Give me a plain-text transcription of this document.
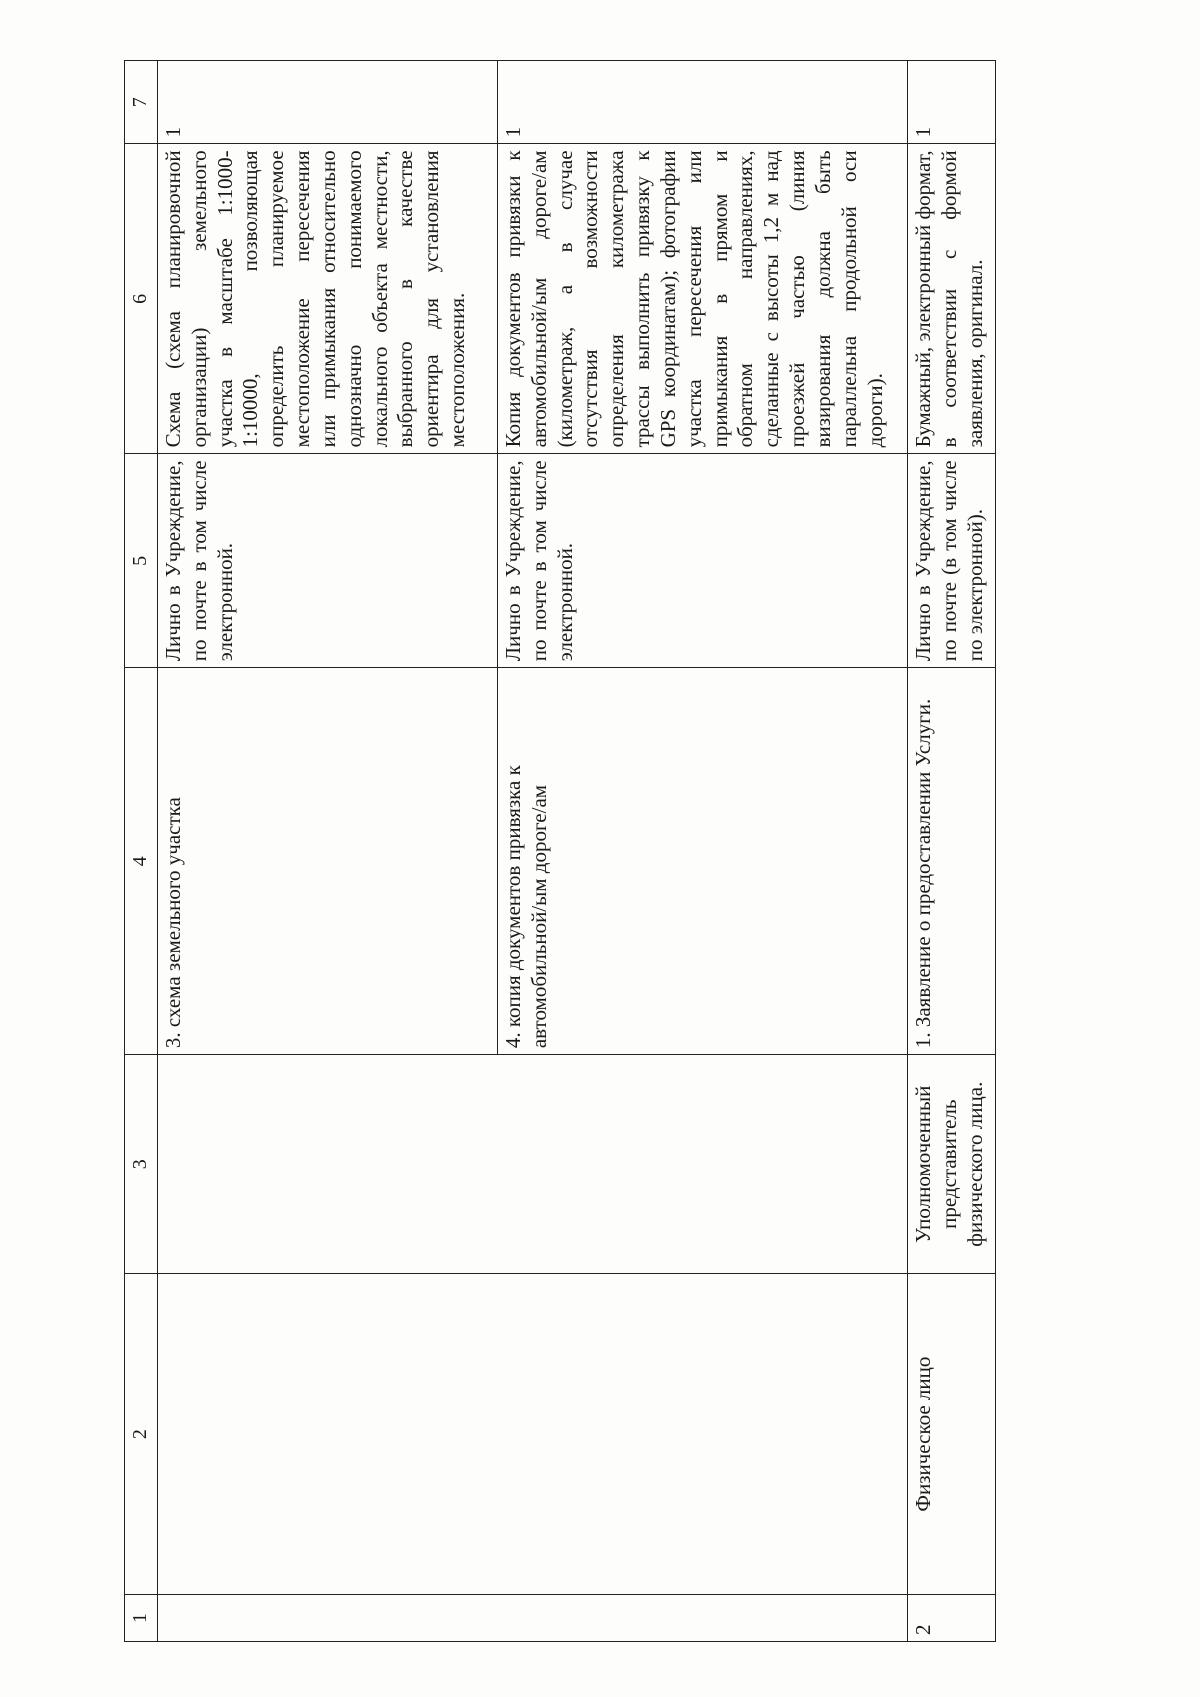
1	2	3	4	5	6	7
			3. схема земельного участка	Лично в Учреждение, по почте в том числе электронной.	Схема (схема планировочной организации) земельного участка в масштабе 1:1000-1:10000, позволяющая определить планируемое местоположение пересечения или примыкания относительно однозначно понимаемого локального объекта местности, выбранного в качестве ориентира для установления местоположения.	1
			4. копия документов привязка к автомобильной/ым дороге/ам	Лично в Учреждение, по почте в том числе электронной.	Копия документов привязки к автомобильной/ым дороге/ам (километраж, а в случае отсутствия возможности определения километража трассы выполнить привязку к GPS координатам); фотографии участка пересечения или примыкания в прямом и обратном направлениях, сделанные с высоты 1,2 м над проезжей частью (линия визирования должна быть параллельна продольной оси дороги).	1
2	Физическое лицо	Уполномоченный представитель физического лица.	1. Заявление о предоставлении Услуги.	Лично в Учреждение, по почте (в том числе по электронной).	Бумажный, электронный формат, в соответствии с формой заявления, оригинал.	1
